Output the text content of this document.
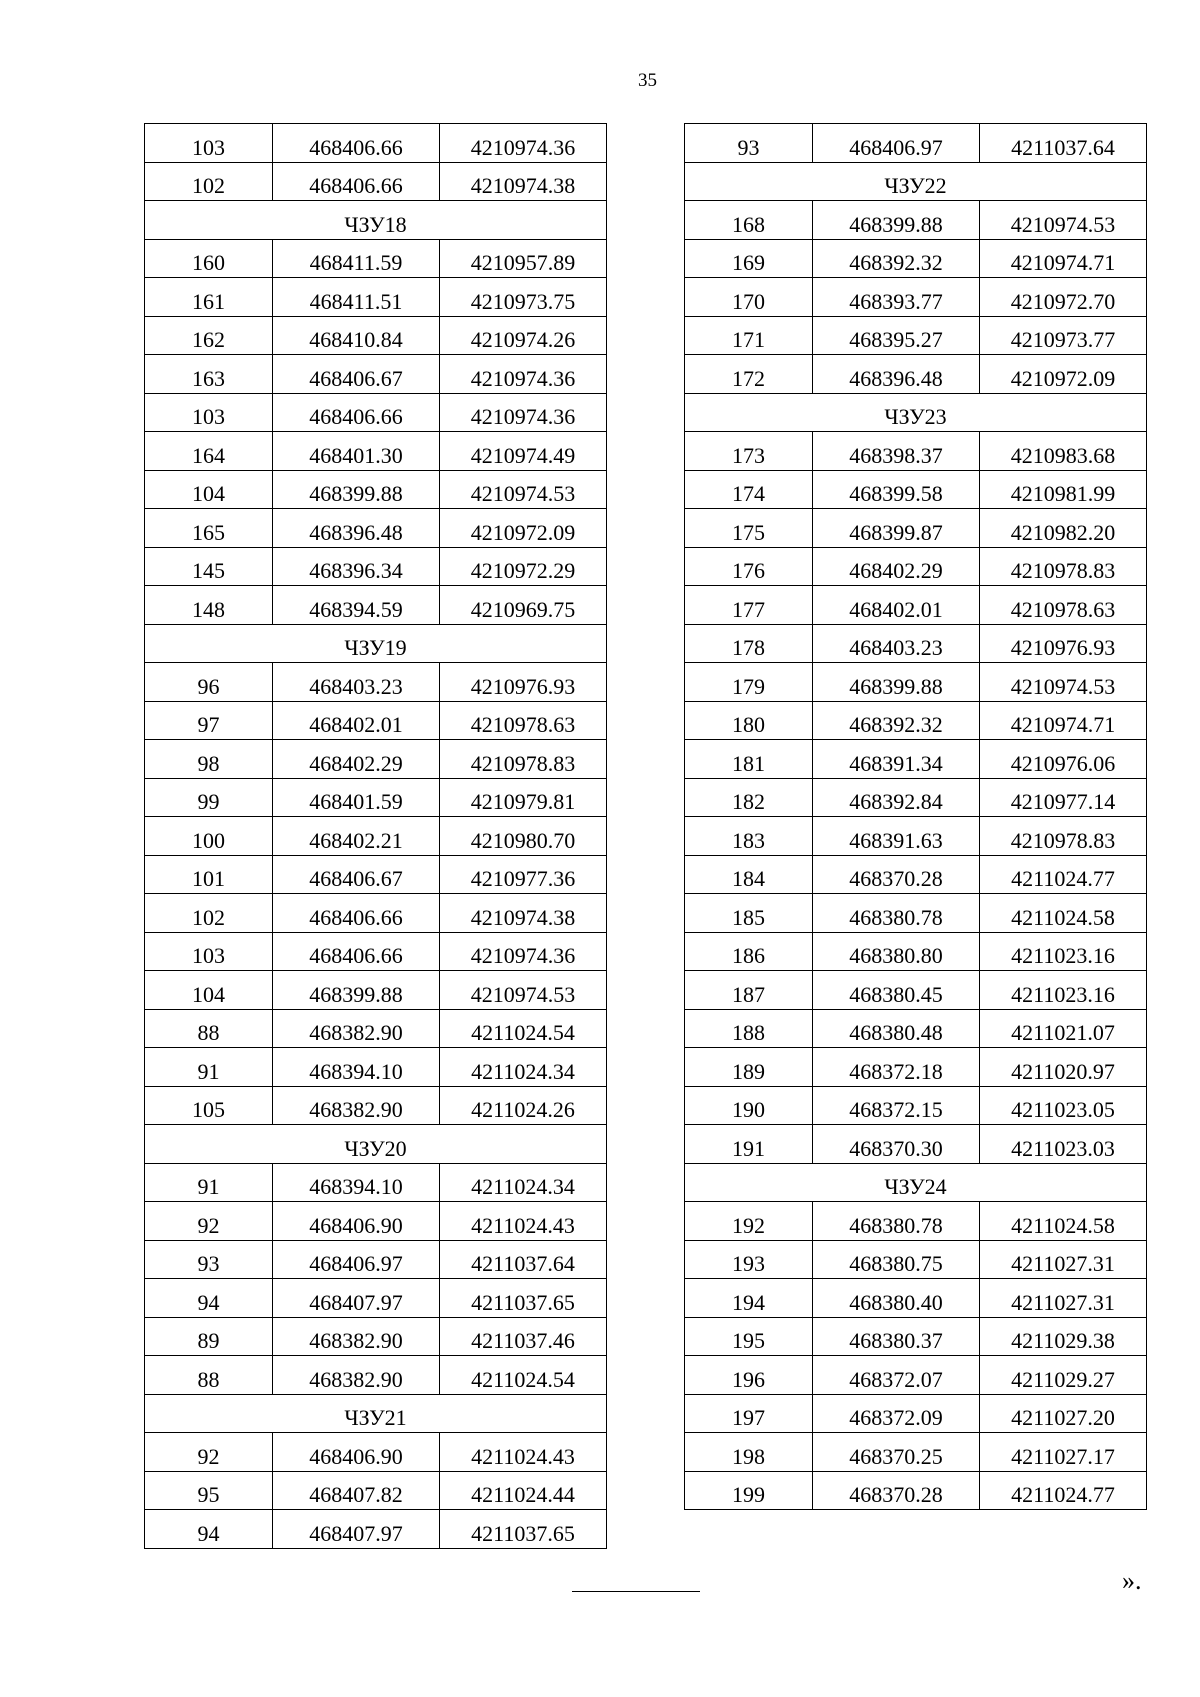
35
103	468406.66	4210974.36
102	468406.66	4210974.38
ЧЗУ18		
160	468411.59	4210957.89
161	468411.51	4210973.75
162	468410.84	4210974.26
163	468406.67	4210974.36
103	468406.66	4210974.36
164	468401.30	4210974.49
104	468399.88	4210974.53
165	468396.48	4210972.09
145	468396.34	4210972.29
148	468394.59	4210969.75
ЧЗУ19		
96	468403.23	4210976.93
97	468402.01	4210978.63
98	468402.29	4210978.83
99	468401.59	4210979.81
100	468402.21	4210980.70
101	468406.67	4210977.36
102	468406.66	4210974.38
103	468406.66	4210974.36
104	468399.88	4210974.53
88	468382.90	4211024.54
91	468394.10	4211024.34
105	468382.90	4211024.26
ЧЗУ20		
91	468394.10	4211024.34
92	468406.90	4211024.43
93	468406.97	4211037.64
94	468407.97	4211037.65
89	468382.90	4211037.46
88	468382.90	4211024.54
ЧЗУ21		
92	468406.90	4211024.43
95	468407.82	4211024.44
94	468407.97	4211037.65
93	468406.97	4211037.64
ЧЗУ22		
168	468399.88	4210974.53
169	468392.32	4210974.71
170	468393.77	4210972.70
171	468395.27	4210973.77
172	468396.48	4210972.09
ЧЗУ23		
173	468398.37	4210983.68
174	468399.58	4210981.99
175	468399.87	4210982.20
176	468402.29	4210978.83
177	468402.01	4210978.63
178	468403.23	4210976.93
179	468399.88	4210974.53
180	468392.32	4210974.71
181	468391.34	4210976.06
182	468392.84	4210977.14
183	468391.63	4210978.83
184	468370.28	4211024.77
185	468380.78	4211024.58
186	468380.80	4211023.16
187	468380.45	4211023.16
188	468380.48	4211021.07
189	468372.18	4211020.97
190	468372.15	4211023.05
191	468370.30	4211023.03
ЧЗУ24		
192	468380.78	4211024.58
193	468380.75	4211027.31
194	468380.40	4211027.31
195	468380.37	4211029.38
196	468372.07	4211029.27
197	468372.09	4211027.20
198	468370.25	4211027.17
199	468370.28	4211024.77
».
